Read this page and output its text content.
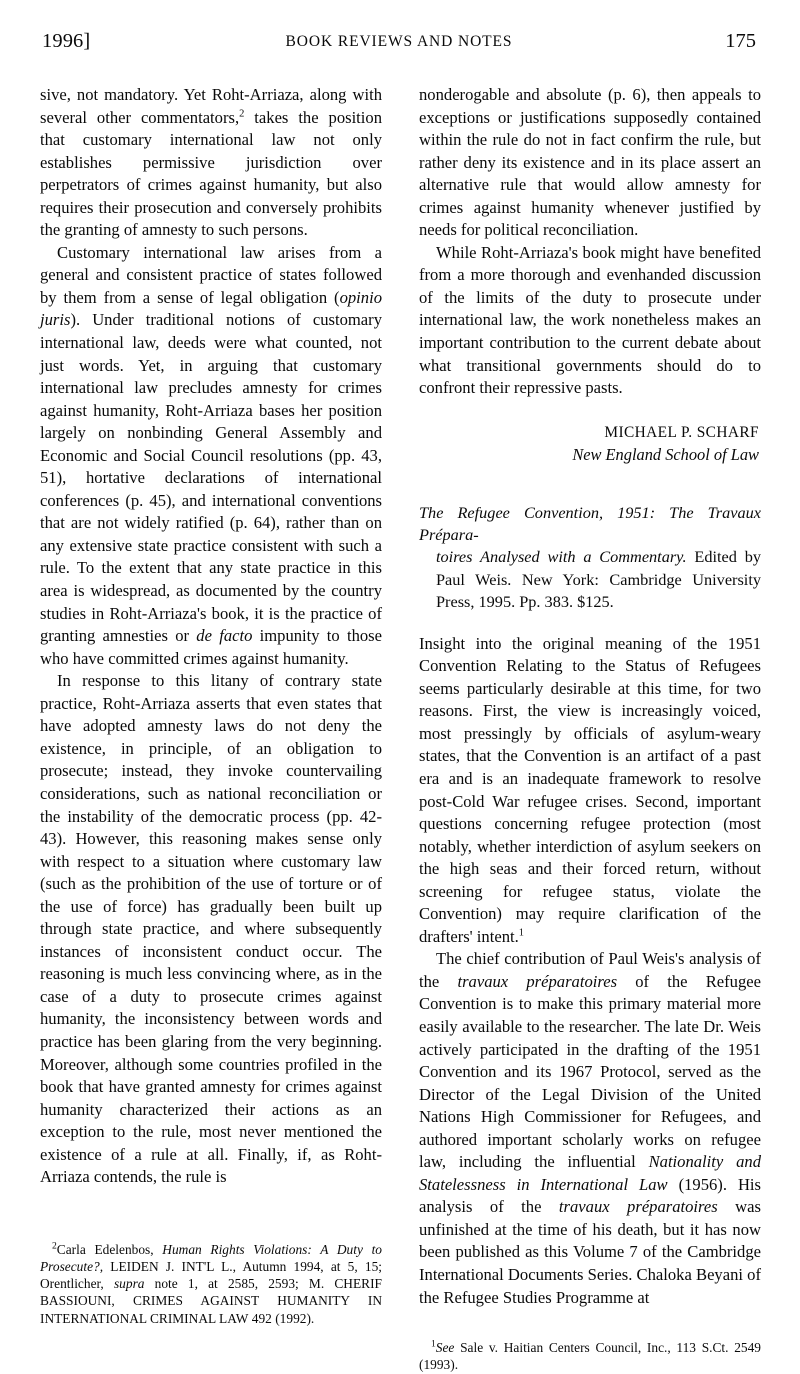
1996]	BOOK REVIEWS AND NOTES	175

sive, not mandatory. Yet Roht-Arriaza, along with several other commentators,$^2$ takes the position that customary international law not only establishes permissive jurisdiction over perpetrators of crimes against humanity, but also requires their prosecution and conversely prohibits the granting of amnesty to such persons.

Customary international law arises from a general and consistent practice of states followed by them from a sense of legal obligation (opinio juris). Under traditional notions of customary international law, deeds were what counted, not just words. Yet, in arguing that customary international law precludes amnesty for crimes against humanity, Roht-Arriaza bases her position largely on nonbinding General Assembly and Economic and Social Council resolutions (pp. 43, 51), hortative declarations of international conferences (p. 45), and international conventions that are not widely ratified (p. 64), rather than on any extensive state practice consistent with such a rule. To the extent that any state practice in this area is widespread, as documented by the country studies in Roht-Arriaza's book, it is the practice of granting amnesties or de facto impunity to those who have committed crimes against humanity.

In response to this litany of contrary state practice, Roht-Arriaza asserts that even states that have adopted amnesty laws do not deny the existence, in principle, of an obligation to prosecute; instead, they invoke countervailing considerations, such as national reconciliation or the instability of the democratic process (pp. 42-43). However, this reasoning makes sense only with respect to a situation where customary law (such as the prohibition of the use of torture or of the use of force) has gradually been built up through state practice, and where subsequently instances of inconsistent conduct occur. The reasoning is much less convincing where, as in the case of a duty to prosecute crimes against humanity, the inconsistency between words and practice has been glaring from the very beginning. Moreover, although some countries profiled in the book that have granted amnesty for crimes against humanity characterized their actions as an exception to the rule, most never mentioned the existence of a rule at all. Finally, if, as Roht-Arriaza contends, the rule is

$^2$Carla Edelenbos, Human Rights Violations: A Duty to Prosecute?, LEIDEN J. INT'L L., Autumn 1994, at 5, 15; Orentlicher, supra note 1, at 2585, 2593; M. CHERIF BASSIOUNI, CRIMES AGAINST HUMANITY IN INTERNATIONAL CRIMINAL LAW 492 (1992).

nonderogable and absolute (p. 6), then appeals to exceptions or justifications supposedly contained within the rule do not in fact confirm the rule, but rather deny its existence and in its place assert an alternative rule that would allow amnesty for crimes against humanity whenever justified by needs for political reconciliation.

While Roht-Arriaza's book might have benefited from a more thorough and evenhanded discussion of the limits of the duty to prosecute under international law, the work nonetheless makes an important contribution to the current debate about what transitional governments should do to confront their repressive pasts.

MICHAEL P. SCHARF
New England School of Law
The Refugee Convention, 1951: The Travaux Prépara-
toires Analysed with a Commentary. Edited by Paul Weis. New York: Cambridge University Press, 1995. Pp. 383. $125.

Insight into the original meaning of the 1951 Convention Relating to the Status of Refugees seems particularly desirable at this time, for two reasons. First, the view is increasingly voiced, most pressingly by officials of asylum-weary states, that the Convention is an artifact of a past era and is an inadequate framework to resolve post-Cold War refugee crises. Second, important questions concerning refugee protection (most notably, whether interdiction of asylum seekers on the high seas and their forced return, without screening for refugee status, violate the Convention) may require clarification of the drafters' intent.$^1$

The chief contribution of Paul Weis's analysis of the travaux préparatoires of the Refugee Convention is to make this primary material more easily available to the researcher. The late Dr. Weis actively participated in the drafting of the 1951 Convention and its 1967 Protocol, served as the Director of the Legal Division of the United Nations High Commissioner for Refugees, and authored important scholarly works on refugee law, including the influential Nationality and Statelessness in International Law (1956). His analysis of the travaux préparatoires was unfinished at the time of his death, but it has now been published as this Volume 7 of the Cambridge International Documents Series. Chaloka Beyani of the Refugee Studies Programme at

$^1$See Sale v. Haitian Centers Council, Inc., 113 S.Ct. 2549 (1993).
